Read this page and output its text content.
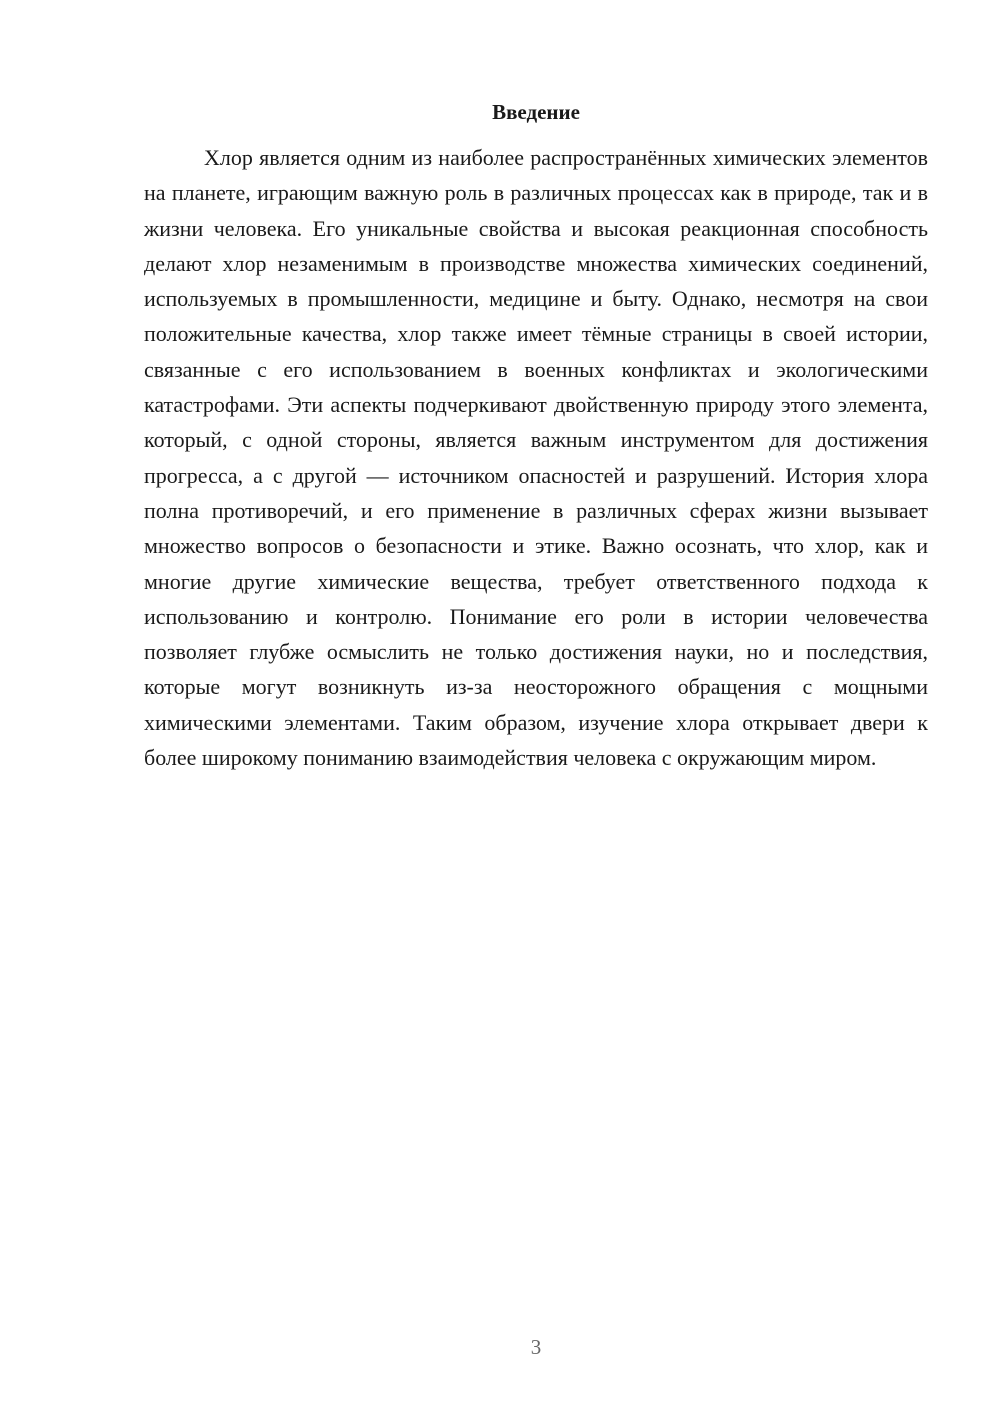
Введение

Хлор является одним из наиболее распространённых химических элементов на планете, играющим важную роль в различных процессах как в природе, так и в жизни человека. Его уникальные свойства и высокая реакционная способность делают хлор незаменимым в производстве множества химических соединений, используемых в промышленности, медицине и быту. Однако, несмотря на свои положительные качества, хлор также имеет тёмные страницы в своей истории, связанные с его использованием в военных конфликтах и экологическими катастрофами. Эти аспекты подчеркивают двойственную природу этого элемента, который, с одной стороны, является важным инструментом для достижения прогресса, а с другой — источником опасностей и разрушений. История хлора полна противоречий, и его применение в различных сферах жизни вызывает множество вопросов о безопасности и этике. Важно осознать, что хлор, как и многие другие химические вещества, требует ответственного подхода к использованию и контролю. Понимание его роли в истории человечества позволяет глубже осмыслить не только достижения науки, но и последствия, которые могут возникнуть из-за неосторожного обращения с мощными химическими элементами. Таким образом, изучение хлора открывает двери к более широкому пониманию взаимодействия человека с окружающим миром.

3
